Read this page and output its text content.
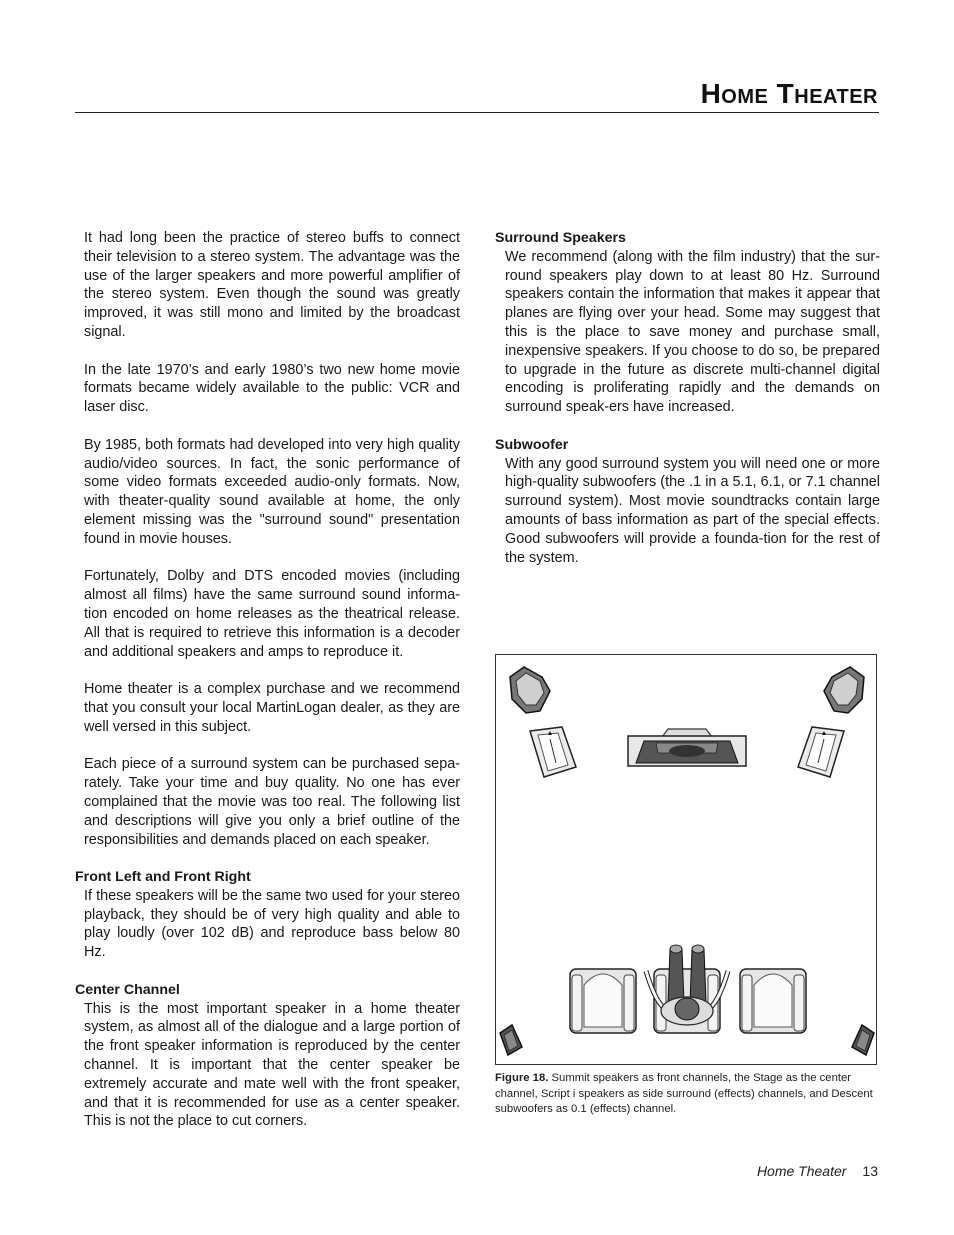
HOME THEATER

It had long been the practice of stereo buffs to connect their television to a stereo system. The advantage was the use of the larger speakers and more powerful amplifier of the stereo system. Even though the sound was greatly improved, it was still mono and limited by the broadcast signal.

In the late 1970’s and early 1980’s two new home movie formats became widely available to the public: VCR and laser disc.

By 1985, both formats had developed into very high quality audio/video sources. In fact, the sonic performance of some video formats exceeded audio-only formats. Now, with theater-quality sound available at home, the only element missing was the "surround sound" presentation found in movie houses.

Fortunately, Dolby and DTS encoded movies (including almost all films) have the same surround sound informa-tion encoded on home releases as the theatrical release. All that is required to retrieve this information is a decoder and additional speakers and amps to reproduce it.

Home theater is a complex purchase and we recommend that you consult your local MartinLogan dealer, as they are well versed in this subject.

Each piece of a surround system can be purchased sepa-rately. Take your time and buy quality. No one has ever complained that the movie was too real. The following list and descriptions will give you only a brief outline of the responsibilities and demands placed on each speaker.

Front Left and Front Right

If these speakers will be the same two used for your stereo playback, they should be of very high quality and able to play loudly (over 102 dB) and reproduce bass below 80 Hz.

Center Channel

This is the most important speaker in a home theater system, as almost all of the dialogue and a large portion of the front speaker information is reproduced by the center channel. It is important that the center speaker be extremely accurate and mate well with the front speaker, and that it is recommended for use as a center speaker. This is not the place to cut corners.

Surround Speakers

We recommend (along with the film industry) that the sur-round speakers play down to at least 80 Hz. Surround speakers contain the information that makes it appear that planes are flying over your head. Some may suggest that this is the place to save money and purchase small, inexpensive speakers. If you choose to do so, be prepared to upgrade in the future as discrete multi-channel digital encoding is proliferating rapidly and the demands on surround speak-ers have increased.

Subwoofer

With any good surround system you will need one or more high-quality subwoofers (the .1 in a 5.1, 6.1, or 7.1 channel surround system). Most movie soundtracks contain large amounts of bass information as part of the special effects. Good subwoofers will provide a founda-tion for the rest of the system.

Figure 18. Summit speakers as front channels, the Stage as the center channel, Script i speakers as side surround (effects) channels, and Descent subwoofers as 0.1 (effects) channel.
Home Theater 13
